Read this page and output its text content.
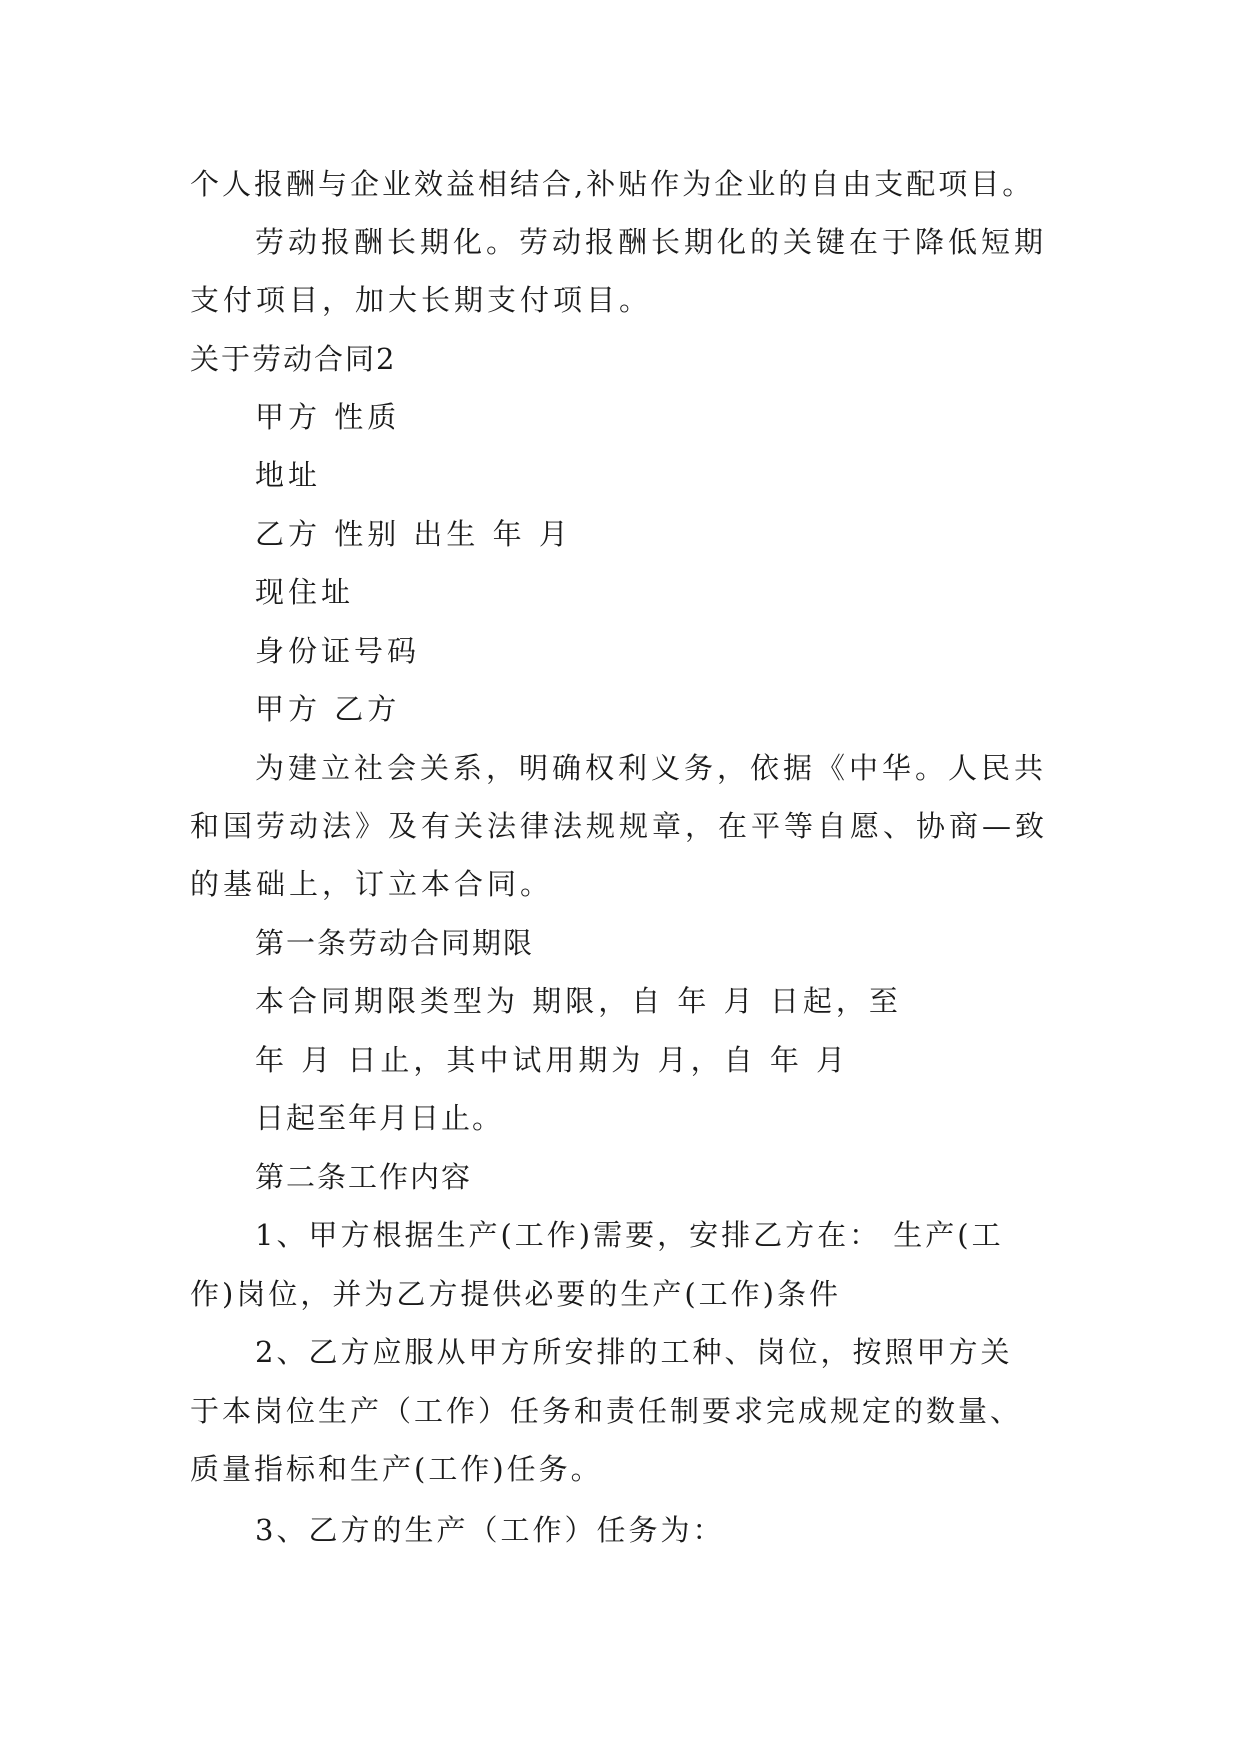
个人报酬与企业效益相结合,补贴作为企业的自由支配项目。
劳动报酬长期化。劳动报酬长期化的关键在于降低短期
支付项目，加大长期支付项目。
关于劳动合同2
甲方 性质
地址
乙方 性别 出生 年 月
现住址
身份证号码
甲方 乙方
为建立社会关系，明确权利义务，依据《中华。人民共
和国劳动法》及有关法律法规规章，在平等自愿、协商—致
的基础上，订立本合同。
第一条劳动合同期限
本合同期限类型为 期限，自 年 月 日起，至
年 月 日止，其中试用期为 月，自 年 月
日起至年月日止。
第二条工作内容
1、甲方根据生产(工作)需要，安排乙方在： 生产(工
作)岗位，并为乙方提供必要的生产(工作)条件
2、乙方应服从甲方所安排的工种、岗位，按照甲方关
于本岗位生产（工作）任务和责任制要求完成规定的数量、
质量指标和生产(工作)任务。
3、乙方的生产（工作）任务为：
